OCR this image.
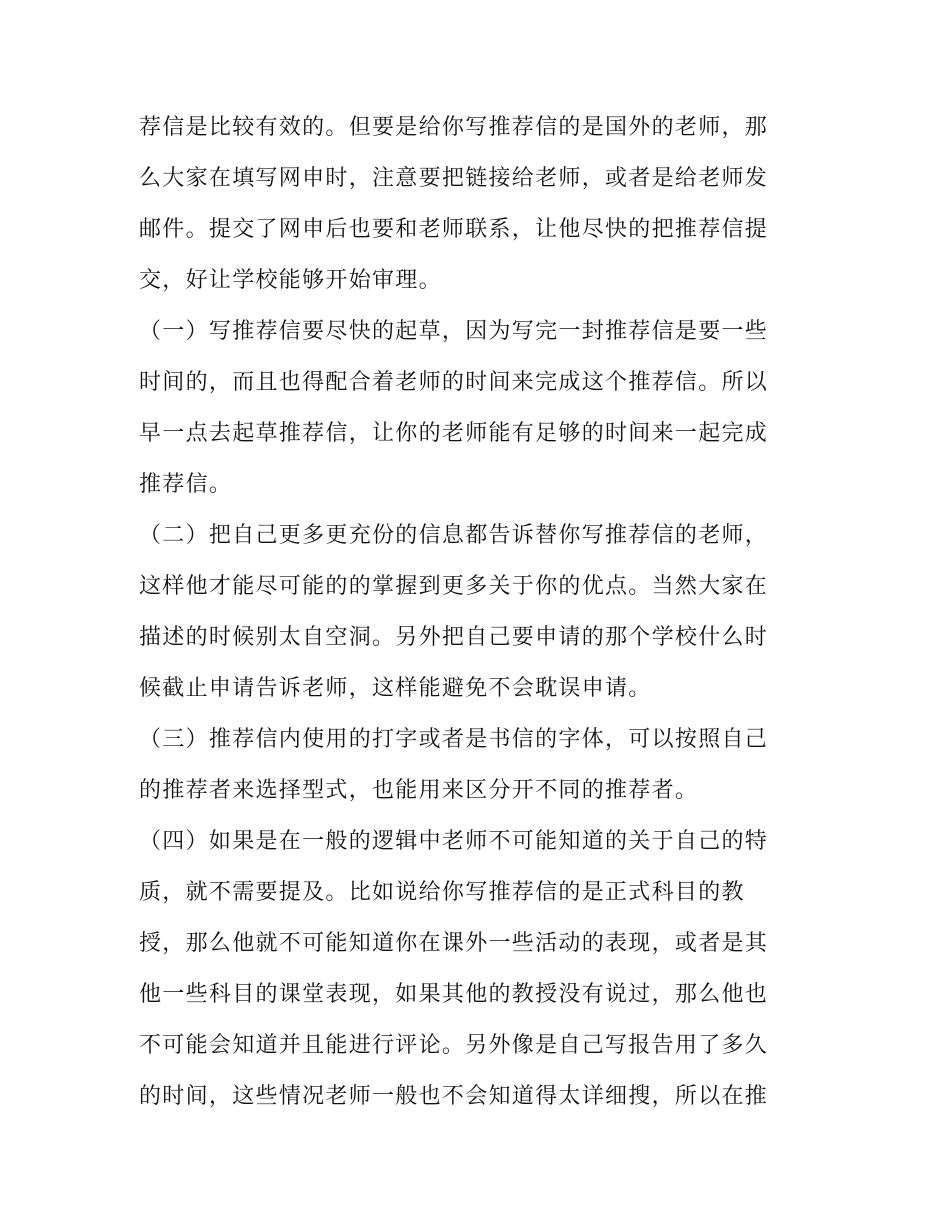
荐信是比较有效的。但要是给你写推荐信的是国外的老师，那
么大家在填写网申时，注意要把链接给老师，或者是给老师发
邮件。提交了网申后也要和老师联系，让他尽快的把推荐信提
交，好让学校能够开始审理。
（一）写推荐信要尽快的起草，因为写完一封推荐信是要一些
时间的，而且也得配合着老师的时间来完成这个推荐信。所以
早一点去起草推荐信，让你的老师能有足够的时间来一起完成
推荐信。
（二）把自己更多更充份的信息都告诉替你写推荐信的老师，
这样他才能尽可能的的掌握到更多关于你的优点。当然大家在
描述的时候别太自空洞。另外把自己要申请的那个学校什么时
候截止申请告诉老师，这样能避免不会耽误申请。
（三）推荐信内使用的打字或者是书信的字体，可以按照自己
的推荐者来选择型式，也能用来区分开不同的推荐者。
（四）如果是在一般的逻辑中老师不可能知道的关于自己的特
质，就不需要提及。比如说给你写推荐信的是正式科目的教
授，那么他就不可能知道你在课外一些活动的表现，或者是其
他一些科目的课堂表现，如果其他的教授没有说过，那么他也
不可能会知道并且能进行评论。另外像是自己写报告用了多久
的时间，这些情况老师一般也不会知道得太详细搜，所以在推
